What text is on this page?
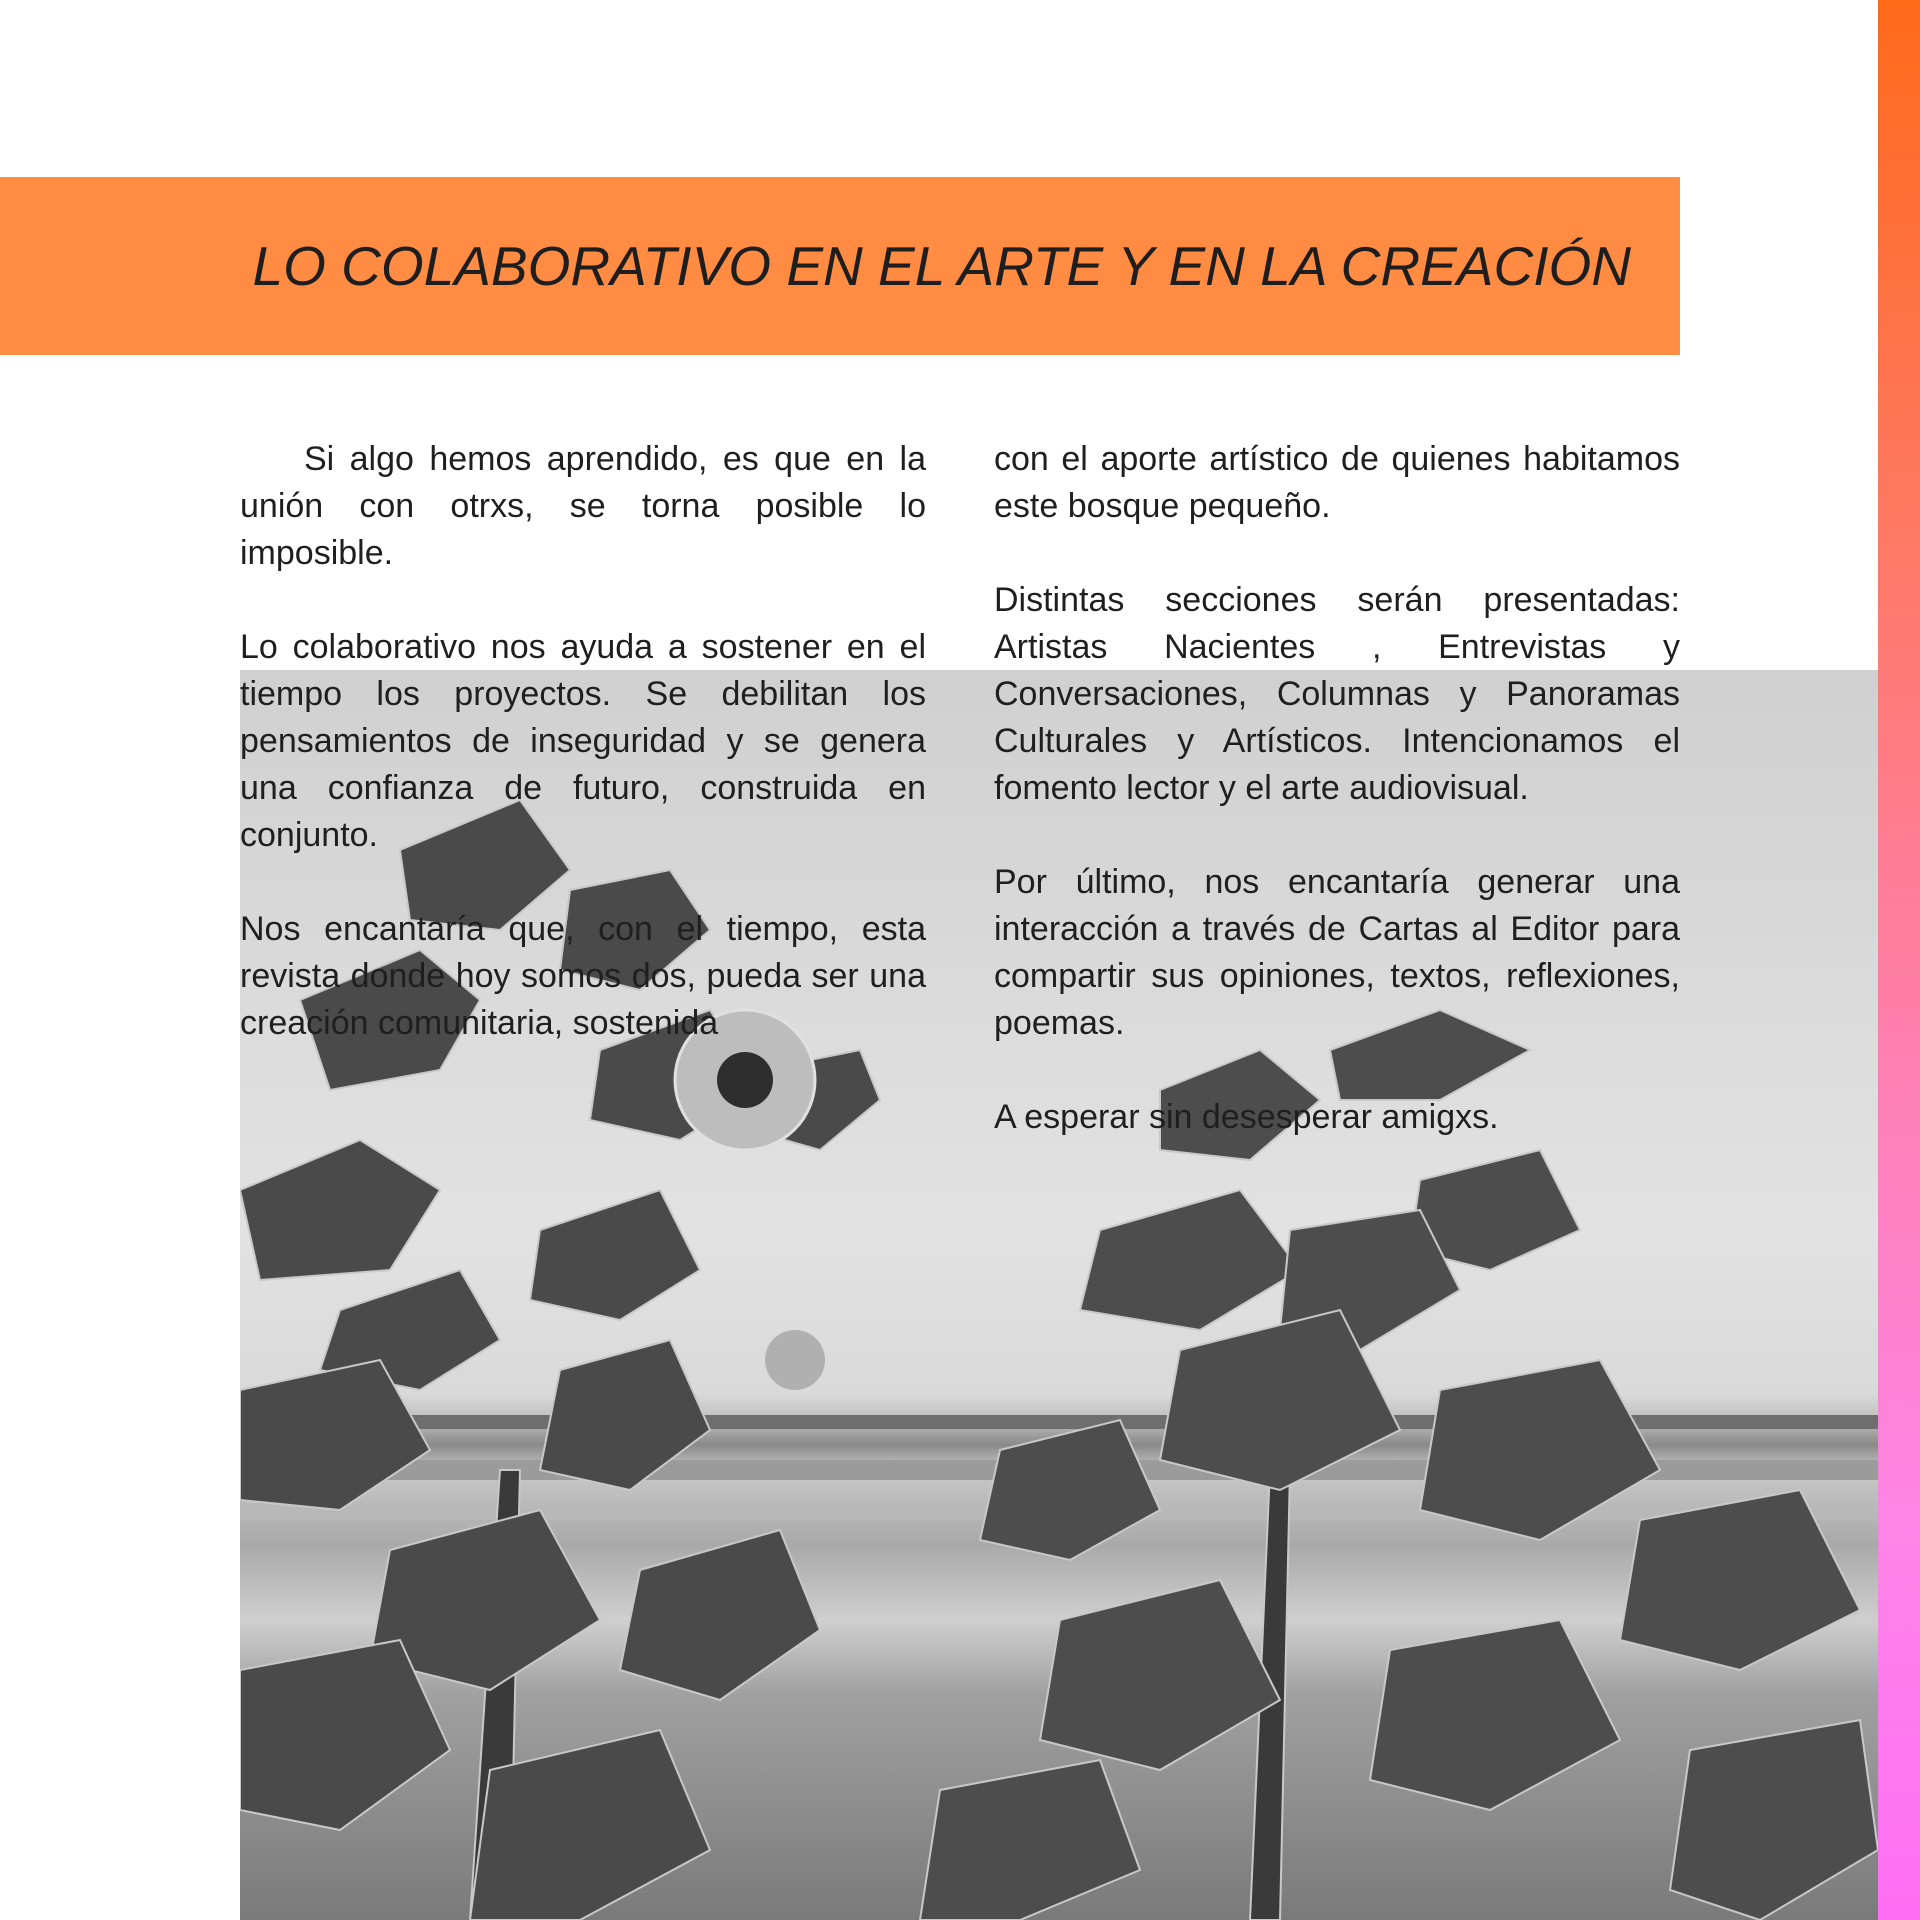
LO COLABORATIVO EN EL ARTE Y EN LA CREACIÓN

Si algo hemos aprendido, es que en la unión con otrxs, se torna posible lo imposible.

Lo colaborativo nos ayuda a sostener en el tiempo los proyectos. Se debilitan los pensamientos de inseguridad y se genera una confianza de futuro, construida en conjunto.

Nos encantaría que, con el tiempo, esta revista donde hoy somos dos, pueda ser una creación comunitaria, sostenida

con el aporte artístico de quienes habitamos este bosque pequeño.

Distintas secciones serán presentadas: Artistas Nacientes , Entrevistas y Conversaciones, Columnas y Panoramas Culturales y Artísticos. Intencionamos el fomento lector y el arte audiovisual.

Por último, nos encantaría generar una interacción a través de Cartas al Editor para compartir sus opiniones, textos, reflexiones, poemas.

A esperar sin desesperar amigxs.
